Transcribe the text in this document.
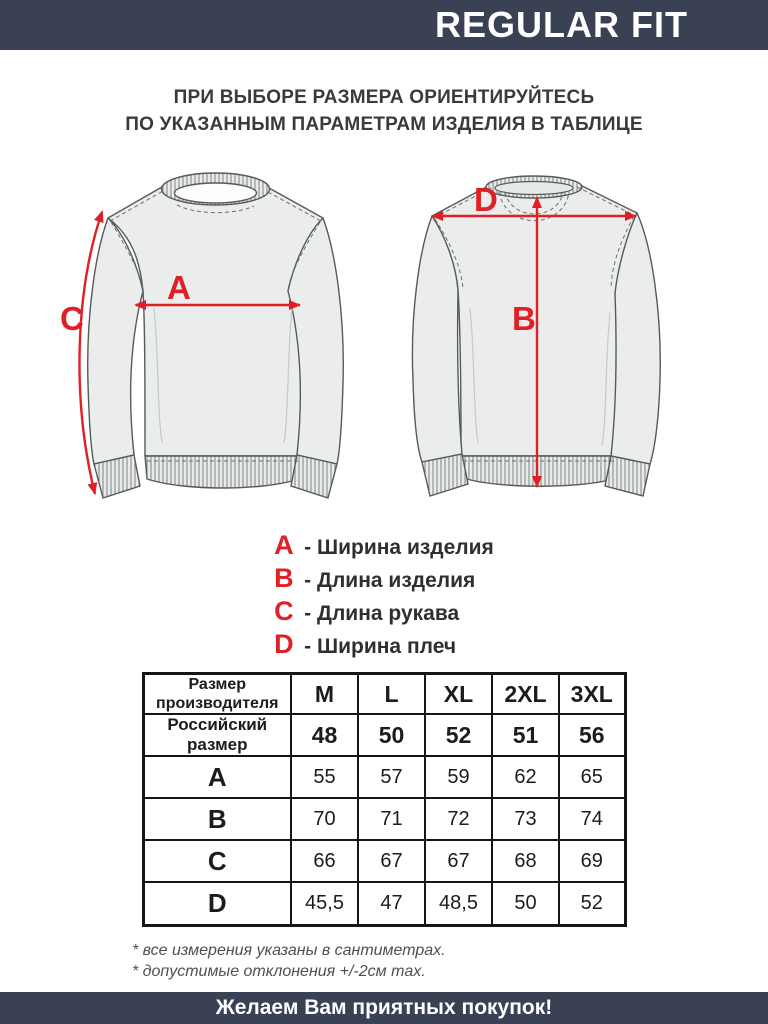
REGULAR FIT
ПРИ ВЫБОРЕ РАЗМЕРА ОРИЕНТИРУЙТЕСЬ
ПО УКАЗАННЫМ ПАРАМЕТРАМ ИЗДЕЛИЯ В ТАБЛИЦЕ
A
C
D
B
A - Ширина изделия
B - Длина изделия
C - Длина рукава
D - Ширина плеч
Размер производителя	M	L	XL	2XL	3XL
Российский размер	48	50	52	51	56
A	55	57	59	62	65
B	70	71	72	73	74
C	66	67	67	68	69
D	45,5	47	48,5	50	52
* все измерения указаны в сантиметрах.
* допустимые отклонения +/-2см max.
Желаем Вам приятных покупок!
